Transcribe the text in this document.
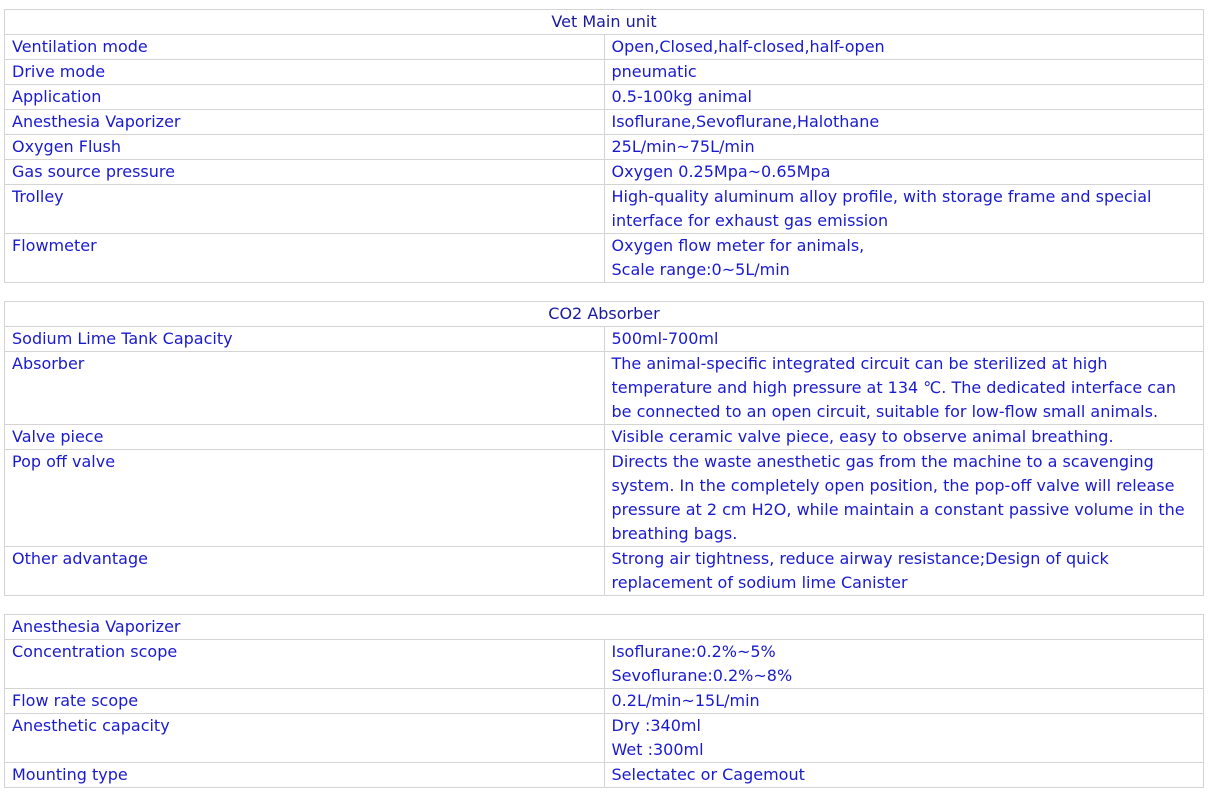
Vet Main unit	
Ventilation mode	Open,Closed,half-closed,half-open
Drive mode	pneumatic
Application	0.5-100kg animal
Anesthesia Vaporizer	Isoflurane,Sevoflurane,Halothane
Oxygen Flush	25L/min~75L/min
Gas source pressure	Oxygen 0.25Mpa~0.65Mpa
Trolley	High-quality aluminum alloy profile, with storage frame and special interface for exhaust gas emission
Flowmeter	Oxygen flow meter for animals,
Scale range:0~5L/min
CO2 Absorber	
Sodium Lime Tank Capacity	500ml-700ml
Absorber	The animal-specific integrated circuit can be sterilized at high temperature and high pressure at 134 ℃. The dedicated interface can be connected to an open circuit, suitable for low-flow small animals.
Valve piece	Visible ceramic valve piece, easy to observe animal breathing.
Pop off valve	Directs the waste anesthetic gas from the machine to a scavenging system. In the completely open position, the pop-off valve will release pressure at 2 cm H2O, while maintain a constant passive volume in the breathing bags.
Other advantage	Strong air tightness, reduce airway resistance;Design of quick replacement of sodium lime Canister
Anesthesia Vaporizer	
Concentration scope	Isoflurane:0.2%~5%
Sevoflurane:0.2%~8%
Flow rate scope	0.2L/min~15L/min
Anesthetic capacity	Dry :340ml
Wet :300ml
Mounting type	Selectatec or Cagemout
